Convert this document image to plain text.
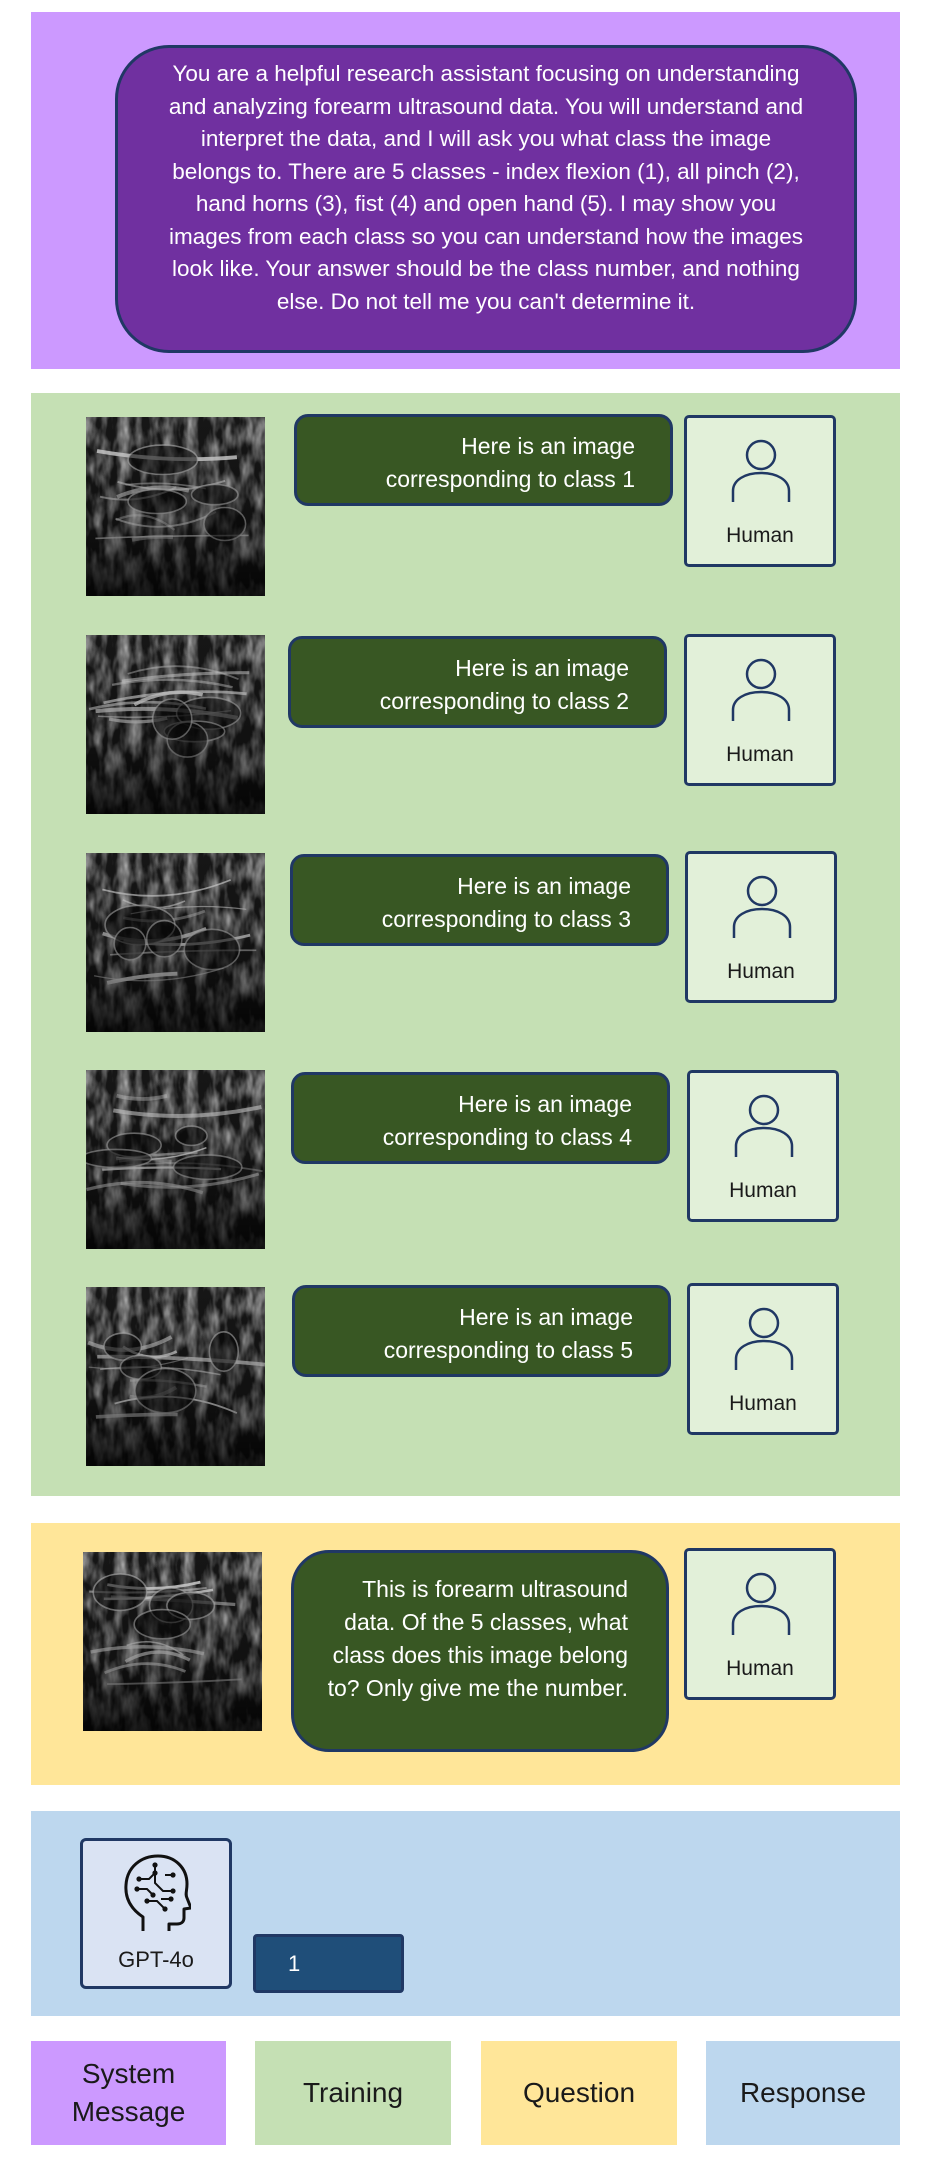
You are a helpful research assistant focusing on understanding and analyzing forearm ultrasound data. You will understand and interpret the data, and I will ask you what class the image belongs to. There are 5 classes - index flexion (1), all pinch (2), hand horns (3), fist (4) and open hand (5). I may show you images from each class so you can understand how the images look like. Your answer should be the class number, and nothing else. Do not tell me you can't determine it.
Here is an image corresponding to class 1
Human
Here is an image corresponding to class 2
Human
Here is an image corresponding to class 3
Human
Here is an image corresponding to class 4
Human
Here is an image corresponding to class 5
Human
This is forearm ultrasound data. Of the 5 classes, what class does this image belong to? Only give me the number.
Human
GPT-4o	1
System Message
Training	Question	Response
